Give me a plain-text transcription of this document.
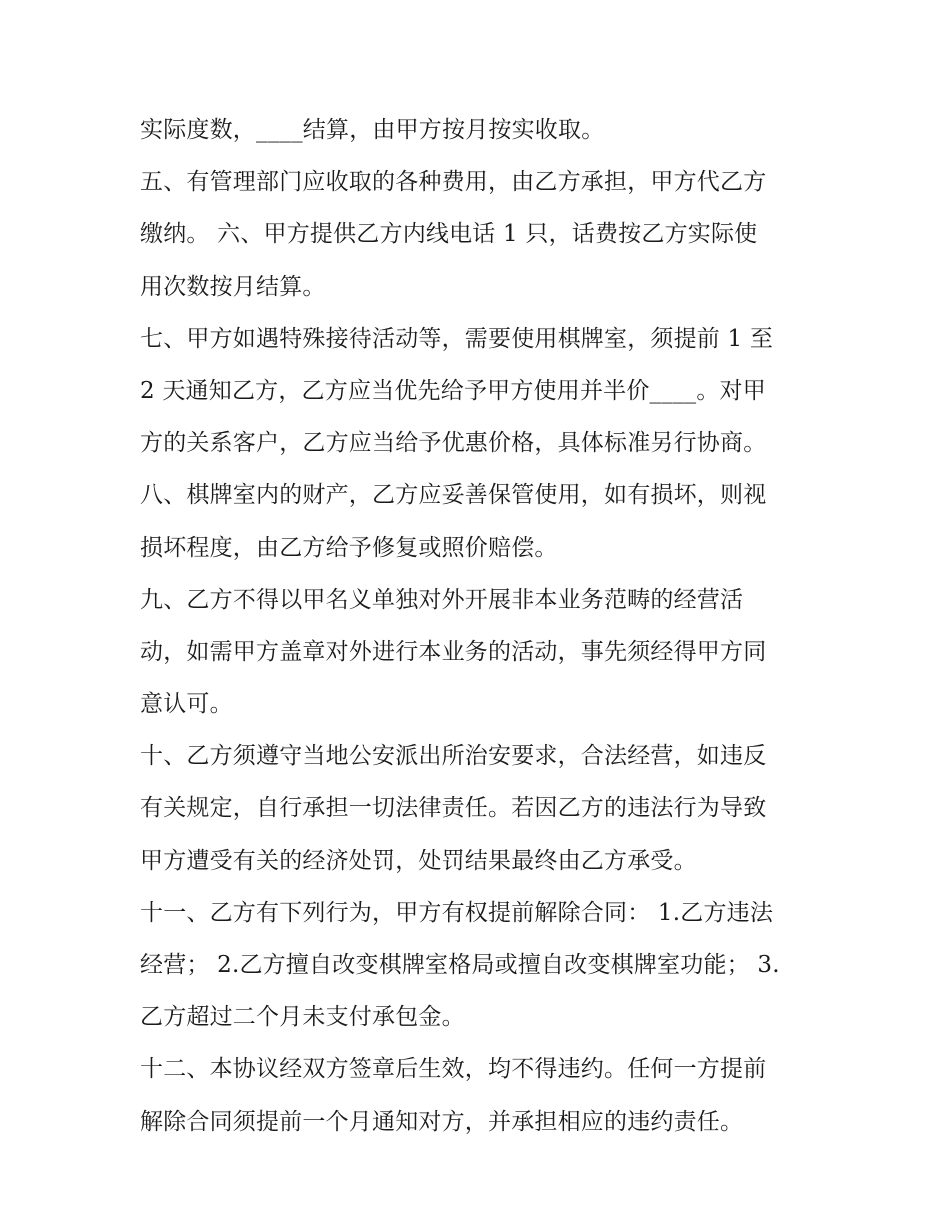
实际度数，____结算，由甲方按月按实收取。
五、有管理部门应收取的各种费用，由乙方承担，甲方代乙方
缴纳。 六、甲方提供乙方内线电话 1 只，话费按乙方实际使
用次数按月结算。
七、甲方如遇特殊接待活动等，需要使用棋牌室，须提前 1 至
2 天通知乙方，乙方应当优先给予甲方使用并半价____。对甲
方的关系客户，乙方应当给予优惠价格，具体标准另行协商。
八、棋牌室内的财产，乙方应妥善保管使用，如有损坏，则视
损坏程度，由乙方给予修复或照价赔偿。
九、乙方不得以甲名义单独对外开展非本业务范畴的经营活
动，如需甲方盖章对外进行本业务的活动，事先须经得甲方同
意认可。
十、乙方须遵守当地公安派出所治安要求，合法经营，如违反
有关规定，自行承担一切法律责任。若因乙方的违法行为导致
甲方遭受有关的经济处罚，处罚结果最终由乙方承受。
十一、乙方有下列行为，甲方有权提前解除合同： 1.乙方违法
经营； 2.乙方擅自改变棋牌室格局或擅自改变棋牌室功能； 3.
乙方超过二个月未支付承包金。
十二、本协议经双方签章后生效，均不得违约。任何一方提前
解除合同须提前一个月通知对方，并承担相应的违约责任。
